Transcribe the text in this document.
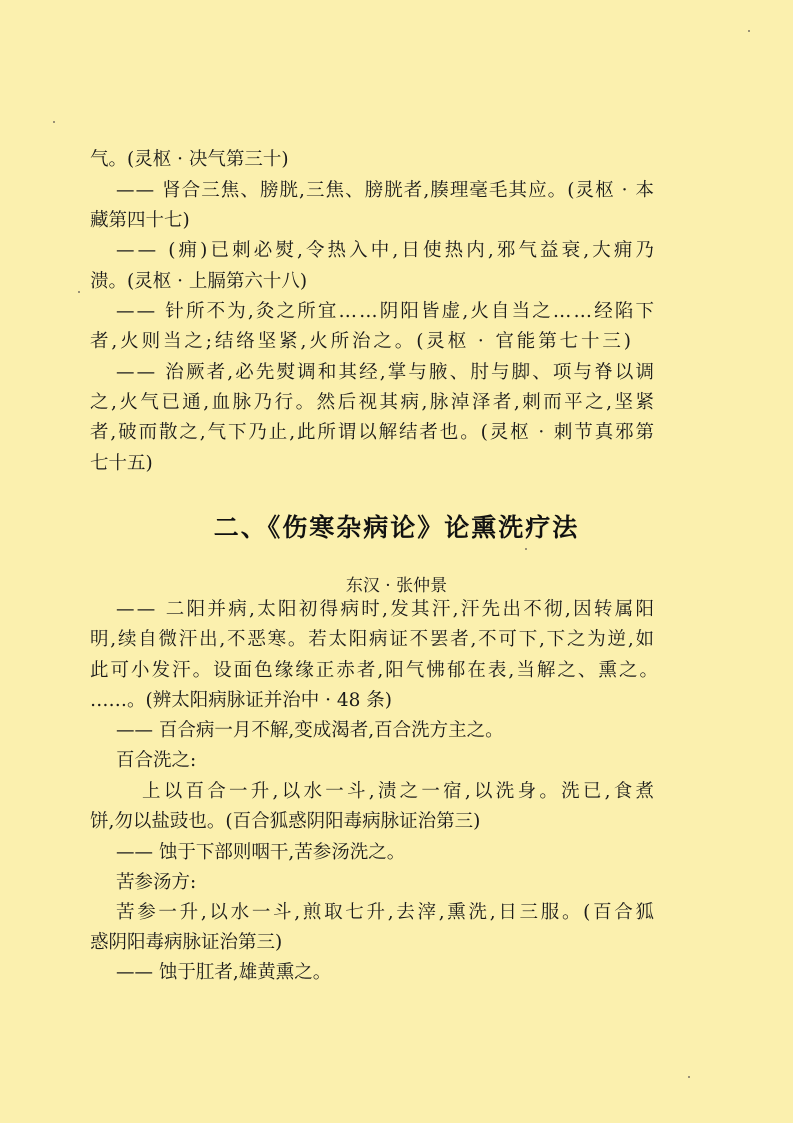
气。(灵枢 · 决气第三十)
—— 肾合三焦、膀胱,三焦、膀胱者,腠理毫毛其应。(灵枢 · 本
藏第四十七)
—— (痈)已刺必熨,令热入中,日使热内,邪气益衰,大痈乃
溃。(灵枢 · 上膈第六十八)
—— 针所不为,灸之所宜……阴阳皆虚,火自当之……经陷下
者,火则当之;结络坚紧,火所治之。(灵枢 · 官能第七十三)
—— 治厥者,必先熨调和其经,掌与腋、肘与脚、项与脊以调
之,火气已通,血脉乃行。然后视其病,脉淖泽者,刺而平之,坚紧
者,破而散之,气下乃止,此所谓以解结者也。(灵枢 · 刺节真邪第
七十五)
二、《伤寒杂病论》论熏洗疗法
东汉 · 张仲景
—— 二阳并病,太阳初得病时,发其汗,汗先出不彻,因转属阳
明,续自微汗出,不恶寒。若太阳病证不罢者,不可下,下之为逆,如
此可小发汗。设面色缘缘正赤者,阳气怫郁在表,当解之、熏之。
……。(辨太阳病脉证并治中 · 48 条)
—— 百合病一月不解,变成渴者,百合洗方主之。
百合洗之:
上以百合一升,以水一斗,渍之一宿,以洗身。洗已,食煮
饼,勿以盐豉也。(百合狐惑阴阳毒病脉证治第三)
—— 蚀于下部则咽干,苦参汤洗之。
苦参汤方:
苦参一升,以水一斗,煎取七升,去滓,熏洗,日三服。(百合狐
惑阴阳毒病脉证治第三)
—— 蚀于肛者,雄黄熏之。
